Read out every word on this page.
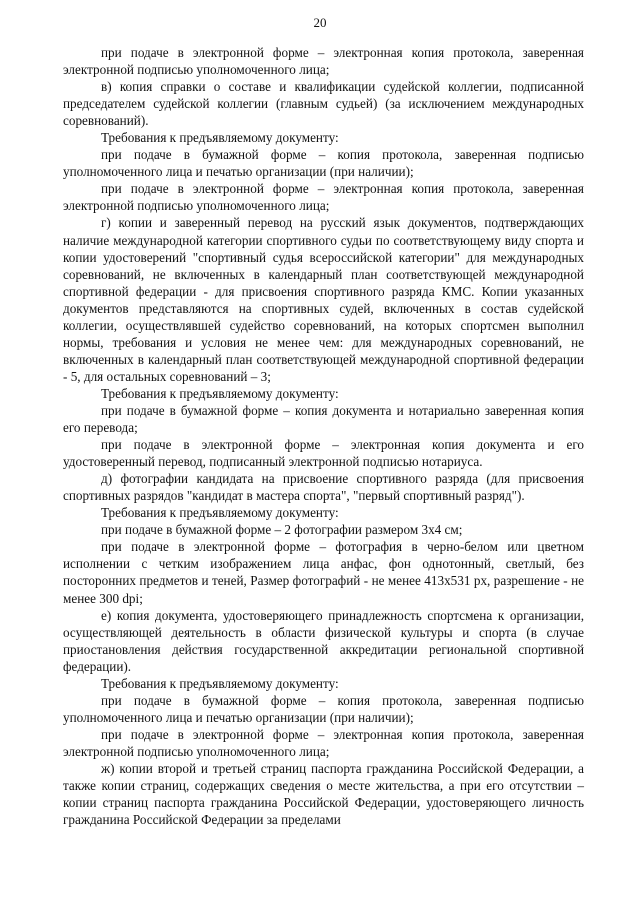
20

при подаче в электронной форме – электронная копия протокола, заверенная электронной подписью уполномоченного лица;

в) копия справки о составе и квалификации судейской коллегии, подписанной председателем судейской коллегии (главным судьей) (за исключением международных соревнований).

Требования к предъявляемому документу:

при подаче в бумажной форме – копия протокола, заверенная подписью уполномоченного лица и печатью организации (при наличии);

при подаче в электронной форме – электронная копия протокола, заверенная электронной подписью уполномоченного лица;

г) копии и заверенный перевод на русский язык документов, подтверждающих наличие международной категории спортивного судьи по соответствующему виду спорта и копии удостоверений "спортивный судья всероссийской категории" для международных соревнований, не включенных в календарный план соответствующей международной спортивной федерации - для присвоения спортивного разряда КМС. Копии указанных документов представляются на спортивных судей, включенных в состав судейской коллегии, осуществлявшей судейство соревнований, на которых спортсмен выполнил нормы, требования и условия не менее чем: для международных соревнований, не включенных в календарный план соответствующей международной спортивной федерации - 5, для остальных соревнований – 3;

Требования к предъявляемому документу:

при подаче в бумажной форме – копия документа и нотариально заверенная копия его перевода;

при подаче в электронной форме – электронная копия документа и его удостоверенный перевод, подписанный электронной подписью нотариуса.

д) фотографии кандидата на присвоение спортивного разряда (для присвоения спортивных разрядов "кандидат в мастера спорта", "первый спортивный разряд").

Требования к предъявляемому документу:

при подаче в бумажной форме – 2 фотографии размером 3x4 см;

при подаче в электронной форме – фотография в черно-белом или цветном исполнении с четким изображением лица анфас, фон однотонный, светлый, без посторонних предметов и теней, Размер фотографий - не менее 413x531 px, разрешение - не менее 300 dpi;

е) копия документа, удостоверяющего принадлежность спортсмена к организации, осуществляющей деятельность в области физической культуры и спорта (в случае приостановления действия государственной аккредитации региональной спортивной федерации).

Требования к предъявляемому документу:

при подаче в бумажной форме – копия протокола, заверенная подписью уполномоченного лица и печатью организации (при наличии);

при подаче в электронной форме – электронная копия протокола, заверенная электронной подписью уполномоченного лица;

ж) копии второй и третьей страниц паспорта гражданина Российской Федерации, а также копии страниц, содержащих сведения о месте жительства, а при его отсутствии – копии страниц паспорта гражданина Российской Федерации, удостоверяющего личность гражданина Российской Федерации за пределами
